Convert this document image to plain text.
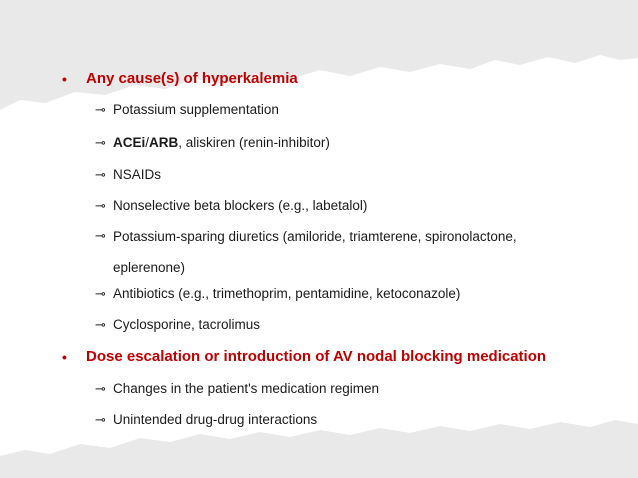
•	Any cause(s) of hyperkalemia
⊸ Potassium supplementation
⊸ ACEi/ARB, aliskiren (renin-inhibitor)
⊸ NSAIDs
⊸ Nonselective beta blockers (e.g., labetalol)
⊸ Potassium-sparing diuretics (amiloride, triamterene, spironolactone, eplerenone)
⊸ Antibiotics (e.g., trimethoprim, pentamidine, ketoconazole)
⊸ Cyclosporine, tacrolimus
•	Dose escalation or introduction of AV nodal blocking medication
⊸ Changes in the patient's medication regimen
⊸ Unintended drug-drug interactions
